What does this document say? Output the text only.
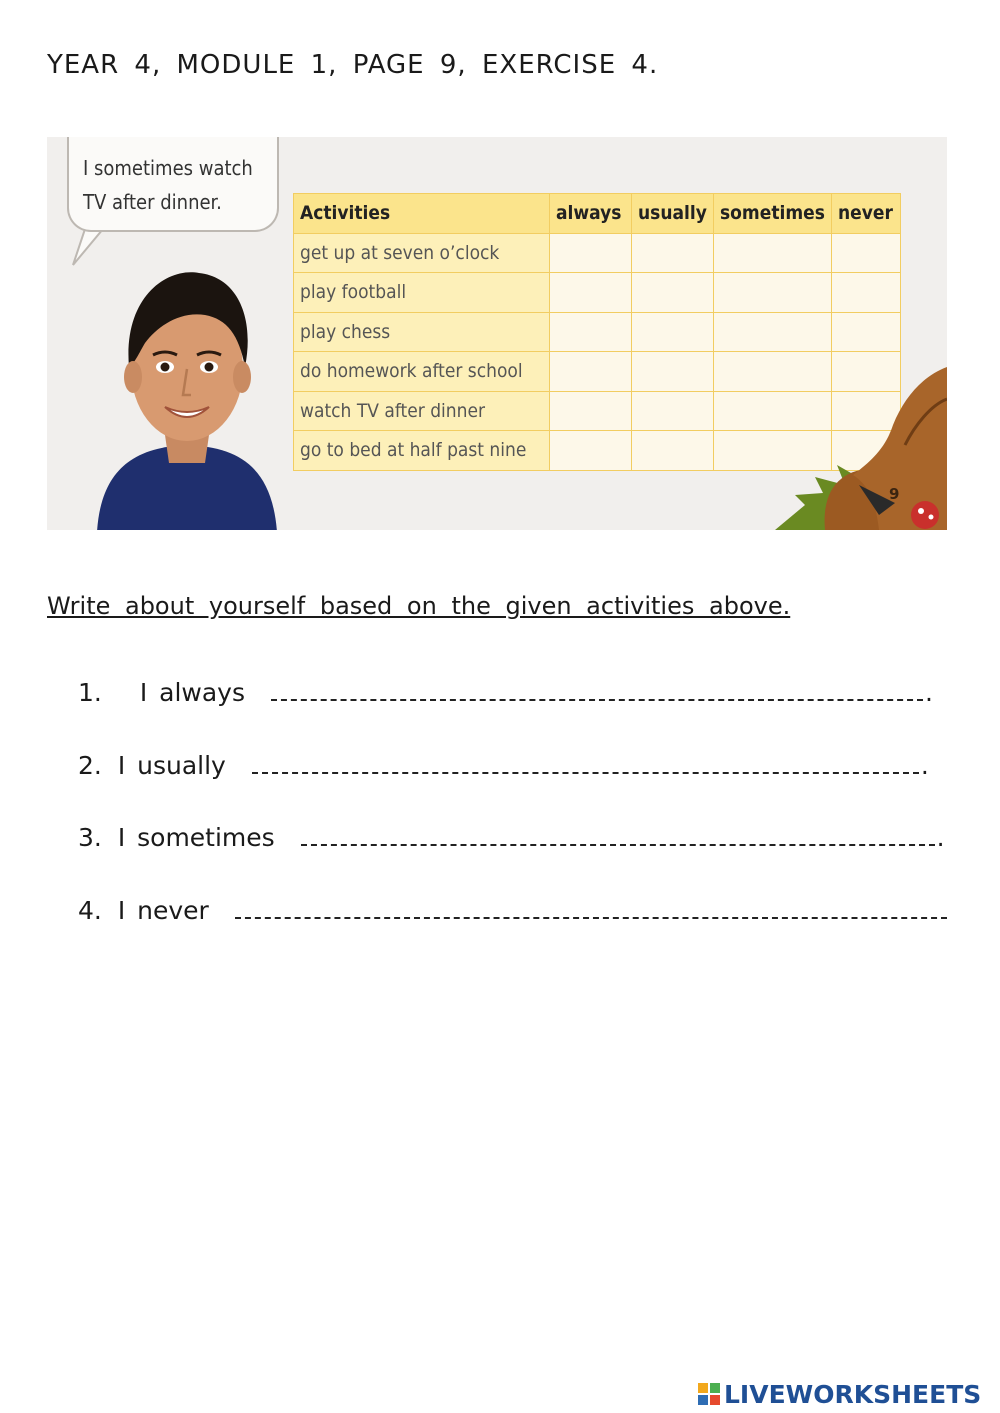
YEAR 4, MODULE 1, PAGE 9, EXERCISE 4.
I sometimes watch
TV after dinner.	Activities	always	usually	sometimes	never
get up at seven o’clock				
play football				
play chess				
do homework after school				
watch TV after dinner				
go to bed at half past nine				
9
Write about yourself based on the given activities above.
1. I always	.
2. I usually	.
3. I sometimes	.
4. I never
LIVEWORKSHEETS
